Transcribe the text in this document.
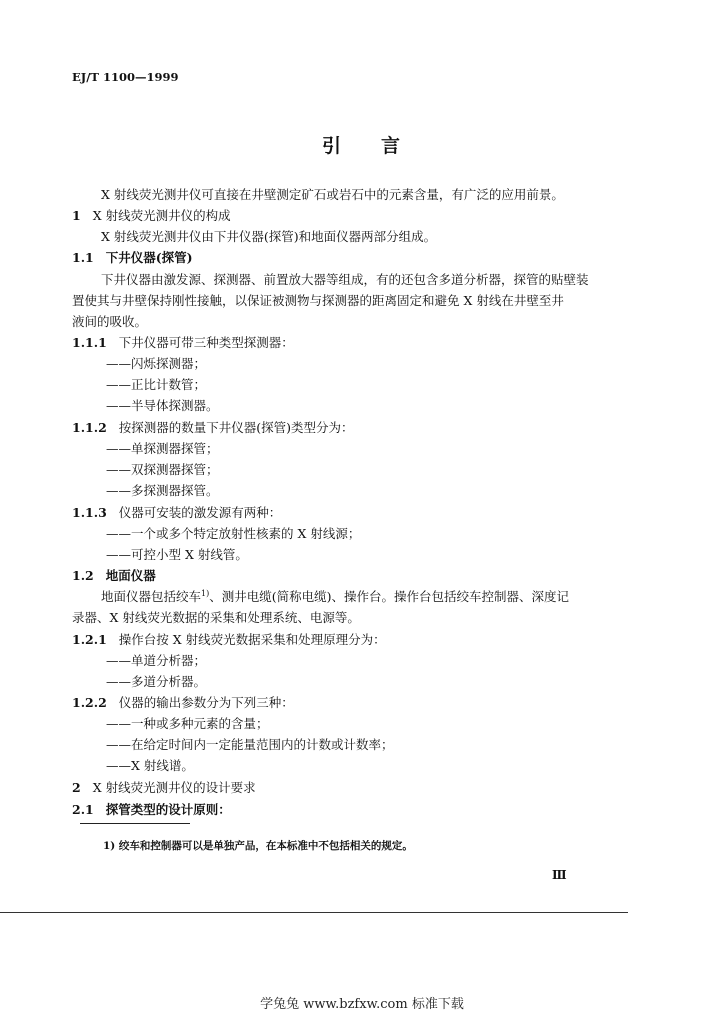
EJ/T 1100—1999
引 言
X 射线荧光测井仪可直接在井壁测定矿石或岩石中的元素含量，有广泛的应用前景。
1 X 射线荧光测井仪的构成
X 射线荧光测井仪由下井仪器(探管)和地面仪器两部分组成。
1.1 下井仪器(探管)
下井仪器由激发源、探测器、前置放大器等组成，有的还包含多道分析器，探管的贴壁装
置使其与井壁保持刚性接触，以保证被测物与探测器的距离固定和避免 X 射线在井壁至井
液间的吸收。
1.1.1 下井仪器可带三种类型探测器：
——闪烁探测器；
——正比计数管；
——半导体探测器。
1.1.2 按探测器的数量下井仪器(探管)类型分为：
——单探测器探管；
——双探测器探管；
——多探测器探管。
1.1.3 仪器可安装的激发源有两种：
——一个或多个特定放射性核素的 X 射线源；
——可控小型 X 射线管。
1.2 地面仪器
地面仪器包括绞车$^{1)}$、测井电缆(简称电缆)、操作台。操作台包括绞车控制器、深度记
录器、X 射线荧光数据的采集和处理系统、电源等。
1.2.1 操作台按 X 射线荧光数据采集和处理原理分为：
——单道分析器；
——多道分析器。
1.2.2 仪器的输出参数分为下列三种：
——一种或多种元素的含量；
——在给定时间内一定能量范围内的计数或计数率；
——X 射线谱。
2 X 射线荧光测井仪的设计要求
2.1 探管类型的设计原则：
1) 绞车和控制器可以是单独产品，在本标准中不包括相关的规定。
Ⅲ
学兔兔 www.bzfxw.com 标准下载
